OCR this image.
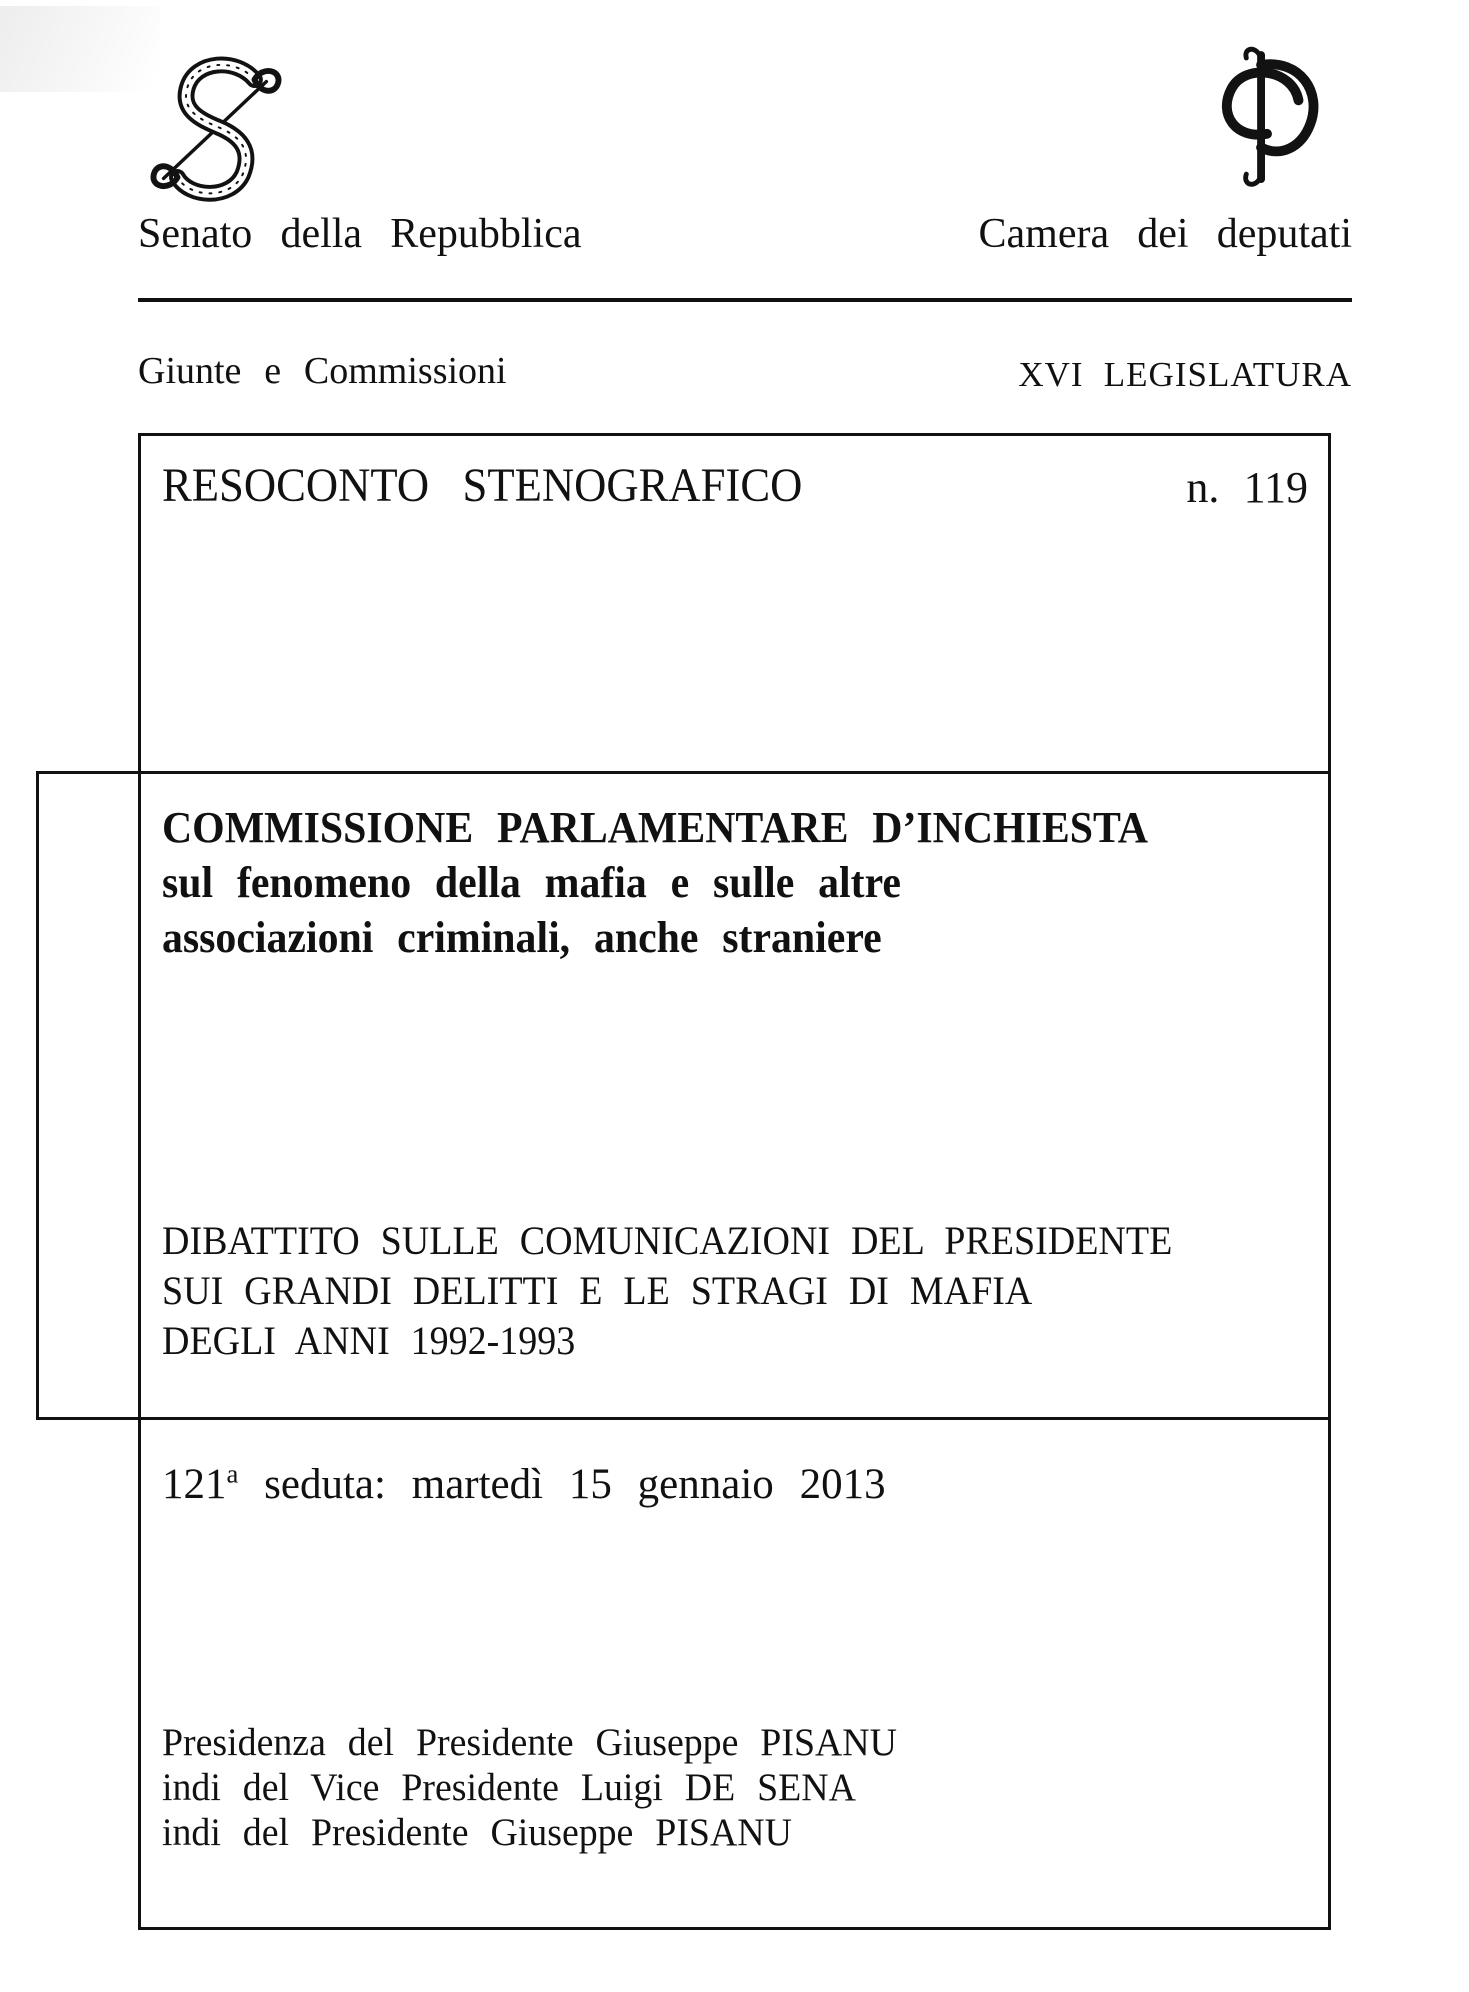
Senato della Repubblica	Camera dei deputati
Giunte e Commissioni	XVI LEGISLATURA
RESOCONTO STENOGRAFICO	n. 119
COMMISSIONE PARLAMENTARE D’INCHIESTA
sul fenomeno della mafia e sulle altre
associazioni criminali, anche straniere
DIBATTITO SULLE COMUNICAZIONI DEL PRESIDENTE
SUI GRANDI DELITTI E LE STRAGI DI MAFIA
DEGLI ANNI 1992-1993
121$^a$ seduta: martedì 15 gennaio 2013
Presidenza del Presidente Giuseppe PISANU
indi del Vice Presidente Luigi DE SENA
indi del Presidente Giuseppe PISANU
